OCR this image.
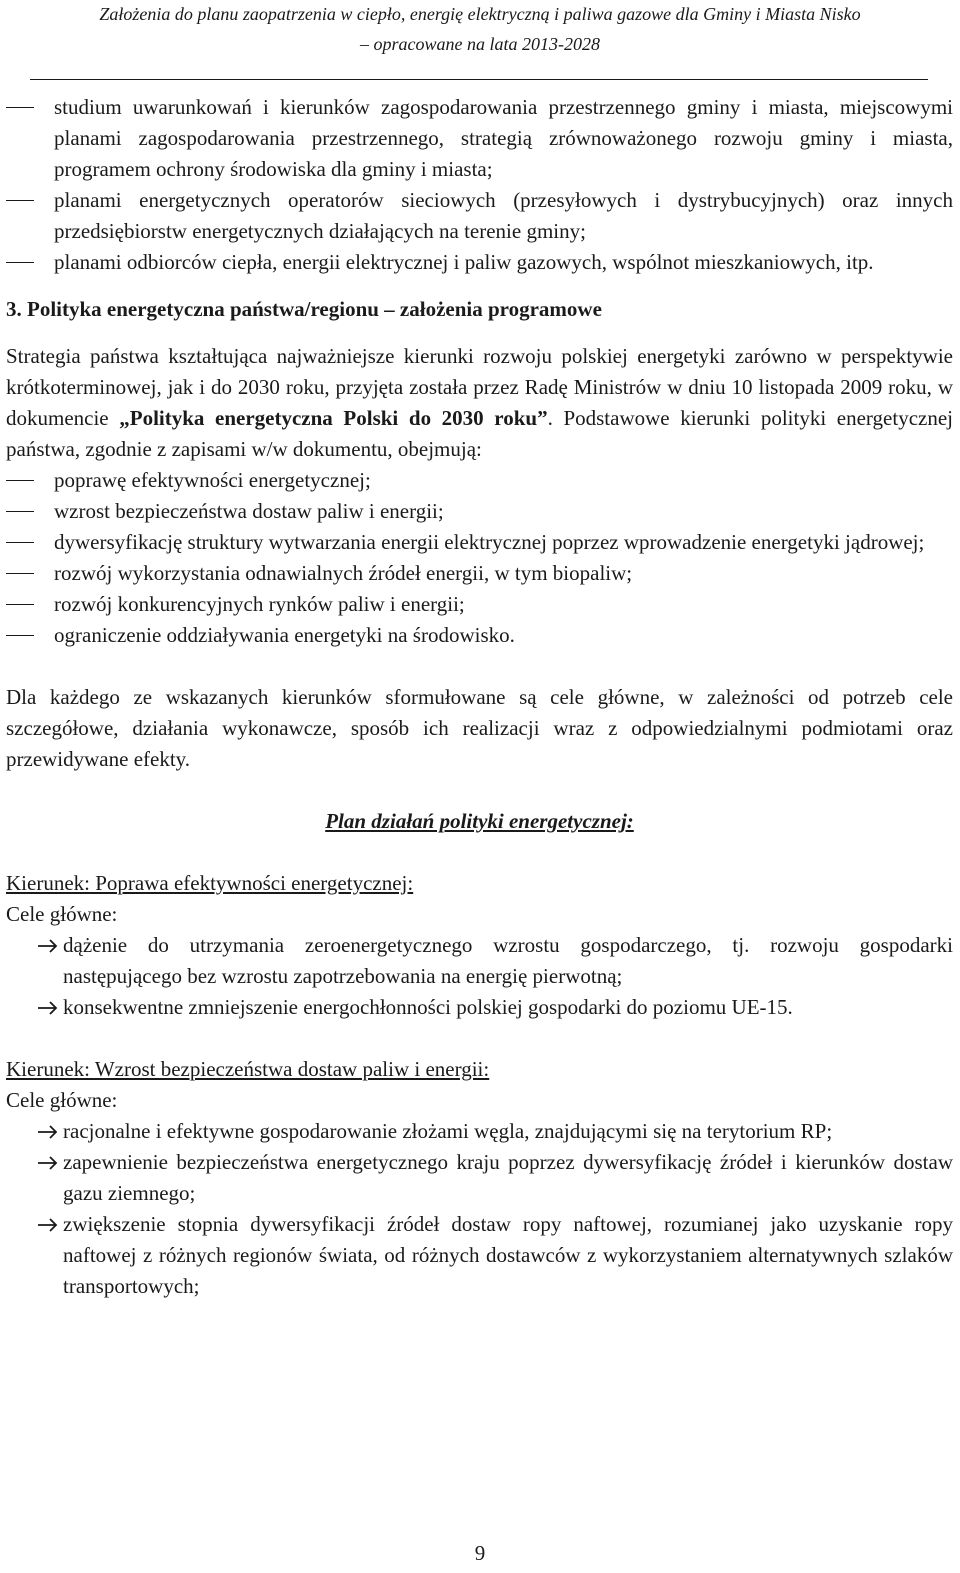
Założenia do planu zaopatrzenia w ciepło, energię elektryczną i paliwa gazowe dla Gminy i Miasta Nisko
– opracowane na lata 2013-2028
studium uwarunkowań i kierunków zagospodarowania przestrzennego gminy i miasta, miejscowymi planami zagospodarowania przestrzennego, strategią zrównoważonego rozwoju gminy i miasta, programem ochrony środowiska dla gminy i miasta;
planami energetycznych operatorów sieciowych (przesyłowych i dystrybucyjnych) oraz innych przedsiębiorstw energetycznych działających na terenie gminy;
planami odbiorców ciepła, energii elektrycznej i paliw gazowych, wspólnot mieszkaniowych, itp.
3. Polityka energetyczna państwa/regionu – założenia programowe
Strategia państwa kształtująca najważniejsze kierunki rozwoju polskiej energetyki zarówno w perspektywie krótkoterminowej, jak i do 2030 roku, przyjęta została przez Radę Ministrów w dniu 10 listopada 2009 roku, w dokumencie „Polityka energetyczna Polski do 2030 roku”. Podstawowe kierunki polityki energetycznej państwa, zgodnie z zapisami w/w dokumentu, obejmują:
poprawę efektywności energetycznej;
wzrost bezpieczeństwa dostaw paliw i energii;
dywersyfikację struktury wytwarzania energii elektrycznej poprzez wprowadzenie energetyki jądrowej;
rozwój wykorzystania odnawialnych źródeł energii, w tym biopaliw;
rozwój konkurencyjnych rynków paliw i energii;
ograniczenie oddziaływania energetyki na środowisko.
Dla każdego ze wskazanych kierunków sformułowane są cele główne, w zależności od potrzeb cele szczegółowe, działania wykonawcze, sposób ich realizacji wraz z odpowiedzialnymi podmiotami oraz przewidywane efekty.
Plan działań polityki energetycznej:
Kierunek: Poprawa efektywności energetycznej:
Cele główne:
dążenie do utrzymania zeroenergetycznego wzrostu gospodarczego, tj. rozwoju gospodarki następującego bez wzrostu zapotrzebowania na energię pierwotną;
konsekwentne zmniejszenie energochłonności polskiej gospodarki do poziomu UE-15.
Kierunek: Wzrost bezpieczeństwa dostaw paliw i energii:
Cele główne:
racjonalne i efektywne gospodarowanie złożami węgla, znajdującymi się na terytorium RP;
zapewnienie bezpieczeństwa energetycznego kraju poprzez dywersyfikację źródeł i kierunków dostaw gazu ziemnego;
zwiększenie stopnia dywersyfikacji źródeł dostaw ropy naftowej, rozumianej jako uzyskanie ropy naftowej z różnych regionów świata, od różnych dostawców z wykorzystaniem alternatywnych szlaków transportowych;
9
